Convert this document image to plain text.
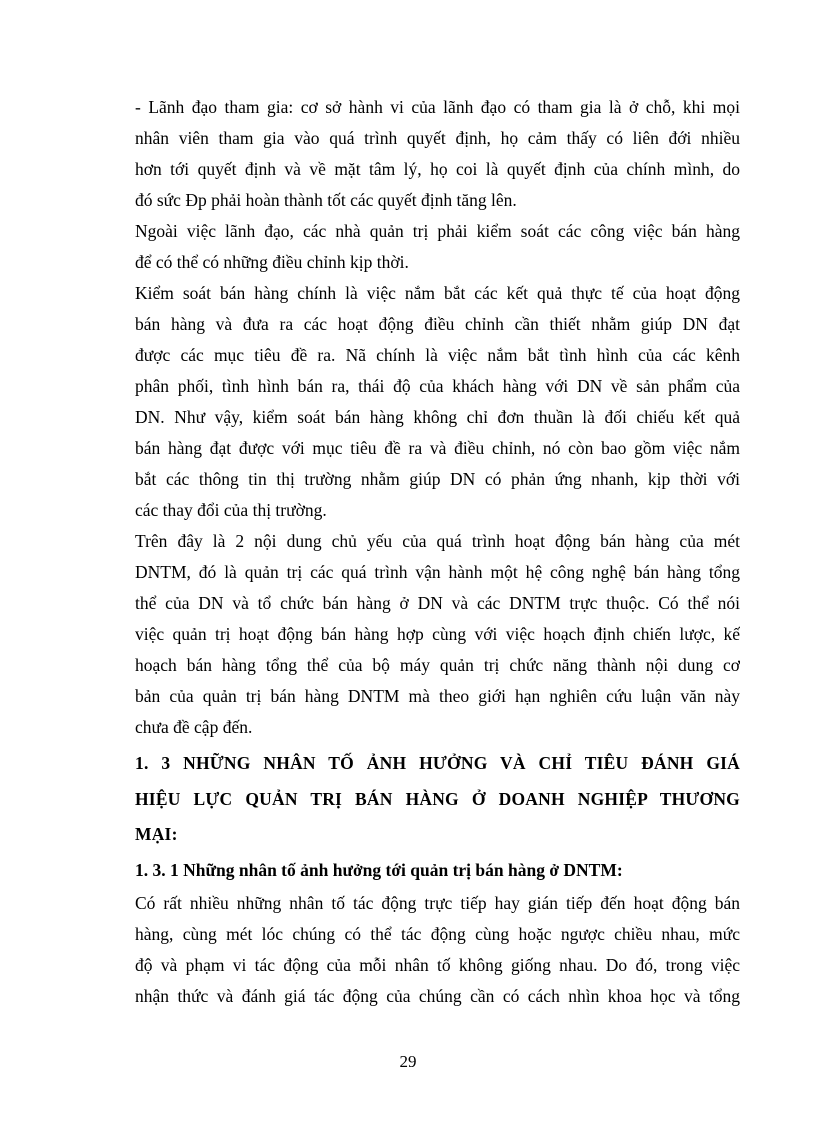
- Lãnh đạo tham gia: cơ sở hành vi của lãnh đạo có tham gia là ở chỗ, khi mọi
nhân viên tham gia vào quá trình quyết định, họ cảm thấy có liên đới nhiều
hơn tới quyết định và về mặt tâm lý, họ coi là quyết định của chính mình, do
đó sức Đp phải hoàn thành tốt các quyết định tăng lên.
Ngoài việc lãnh đạo, các nhà quản trị phải kiểm soát các công việc bán hàng
để có thể có những điều chỉnh kịp thời.
Kiểm soát bán hàng chính là việc nắm bắt các kết quả thực tế của hoạt động
bán hàng và đưa ra các hoạt động điều chỉnh cần thiết nhằm giúp DN đạt
được các mục tiêu đề ra. Nã chính là việc nắm bắt tình hình của các kênh
phân phối, tình hình bán ra, thái độ của khách hàng với DN về sản phẩm của
DN. Như vậy, kiểm soát bán hàng không chỉ đơn thuần là đối chiếu kết quả
bán hàng đạt được với mục tiêu đề ra và điều chỉnh, nó còn bao gồm việc nắm
bắt các thông tin thị trường nhằm giúp DN có phản ứng nhanh, kịp thời với
các thay đổi của thị trường.
Trên đây là 2 nội dung chủ yếu của quá trình hoạt động bán hàng của mét
DNTM, đó là quản trị các quá trình vận hành một hệ công nghệ bán hàng tổng
thể của DN và tổ chức bán hàng ở DN và các DNTM trực thuộc. Có thể nói
việc quản trị hoạt động bán hàng hợp cùng với việc hoạch định chiến lược, kế
hoạch bán hàng tổng thể của bộ máy quản trị chức năng thành nội dung cơ
bản của quản trị bán hàng DNTM mà theo giới hạn nghiên cứu luận văn này
chưa đề cập đến.
1. 3 NHỮNG NHÂN TỐ ẢNH HƯỞNG VÀ CHỈ TIÊU ĐÁNH GIÁ
HIỆU LỰC QUẢN TRỊ BÁN HÀNG Ở DOANH NGHIỆP THƯƠNG
MẠI:
1. 3. 1 Những nhân tố ảnh hưởng tới quản trị bán hàng ở DNTM:
Có rất nhiều những nhân tố tác động trực tiếp hay gián tiếp đến hoạt động bán
hàng, cùng mét lóc chúng có thể tác động cùng hoặc ngược chiều nhau, mức
độ và phạm vi tác động của mỗi nhân tố không giống nhau. Do đó, trong việc
nhận thức và đánh giá tác động của chúng cần có cách nhìn khoa học và tổng
29
